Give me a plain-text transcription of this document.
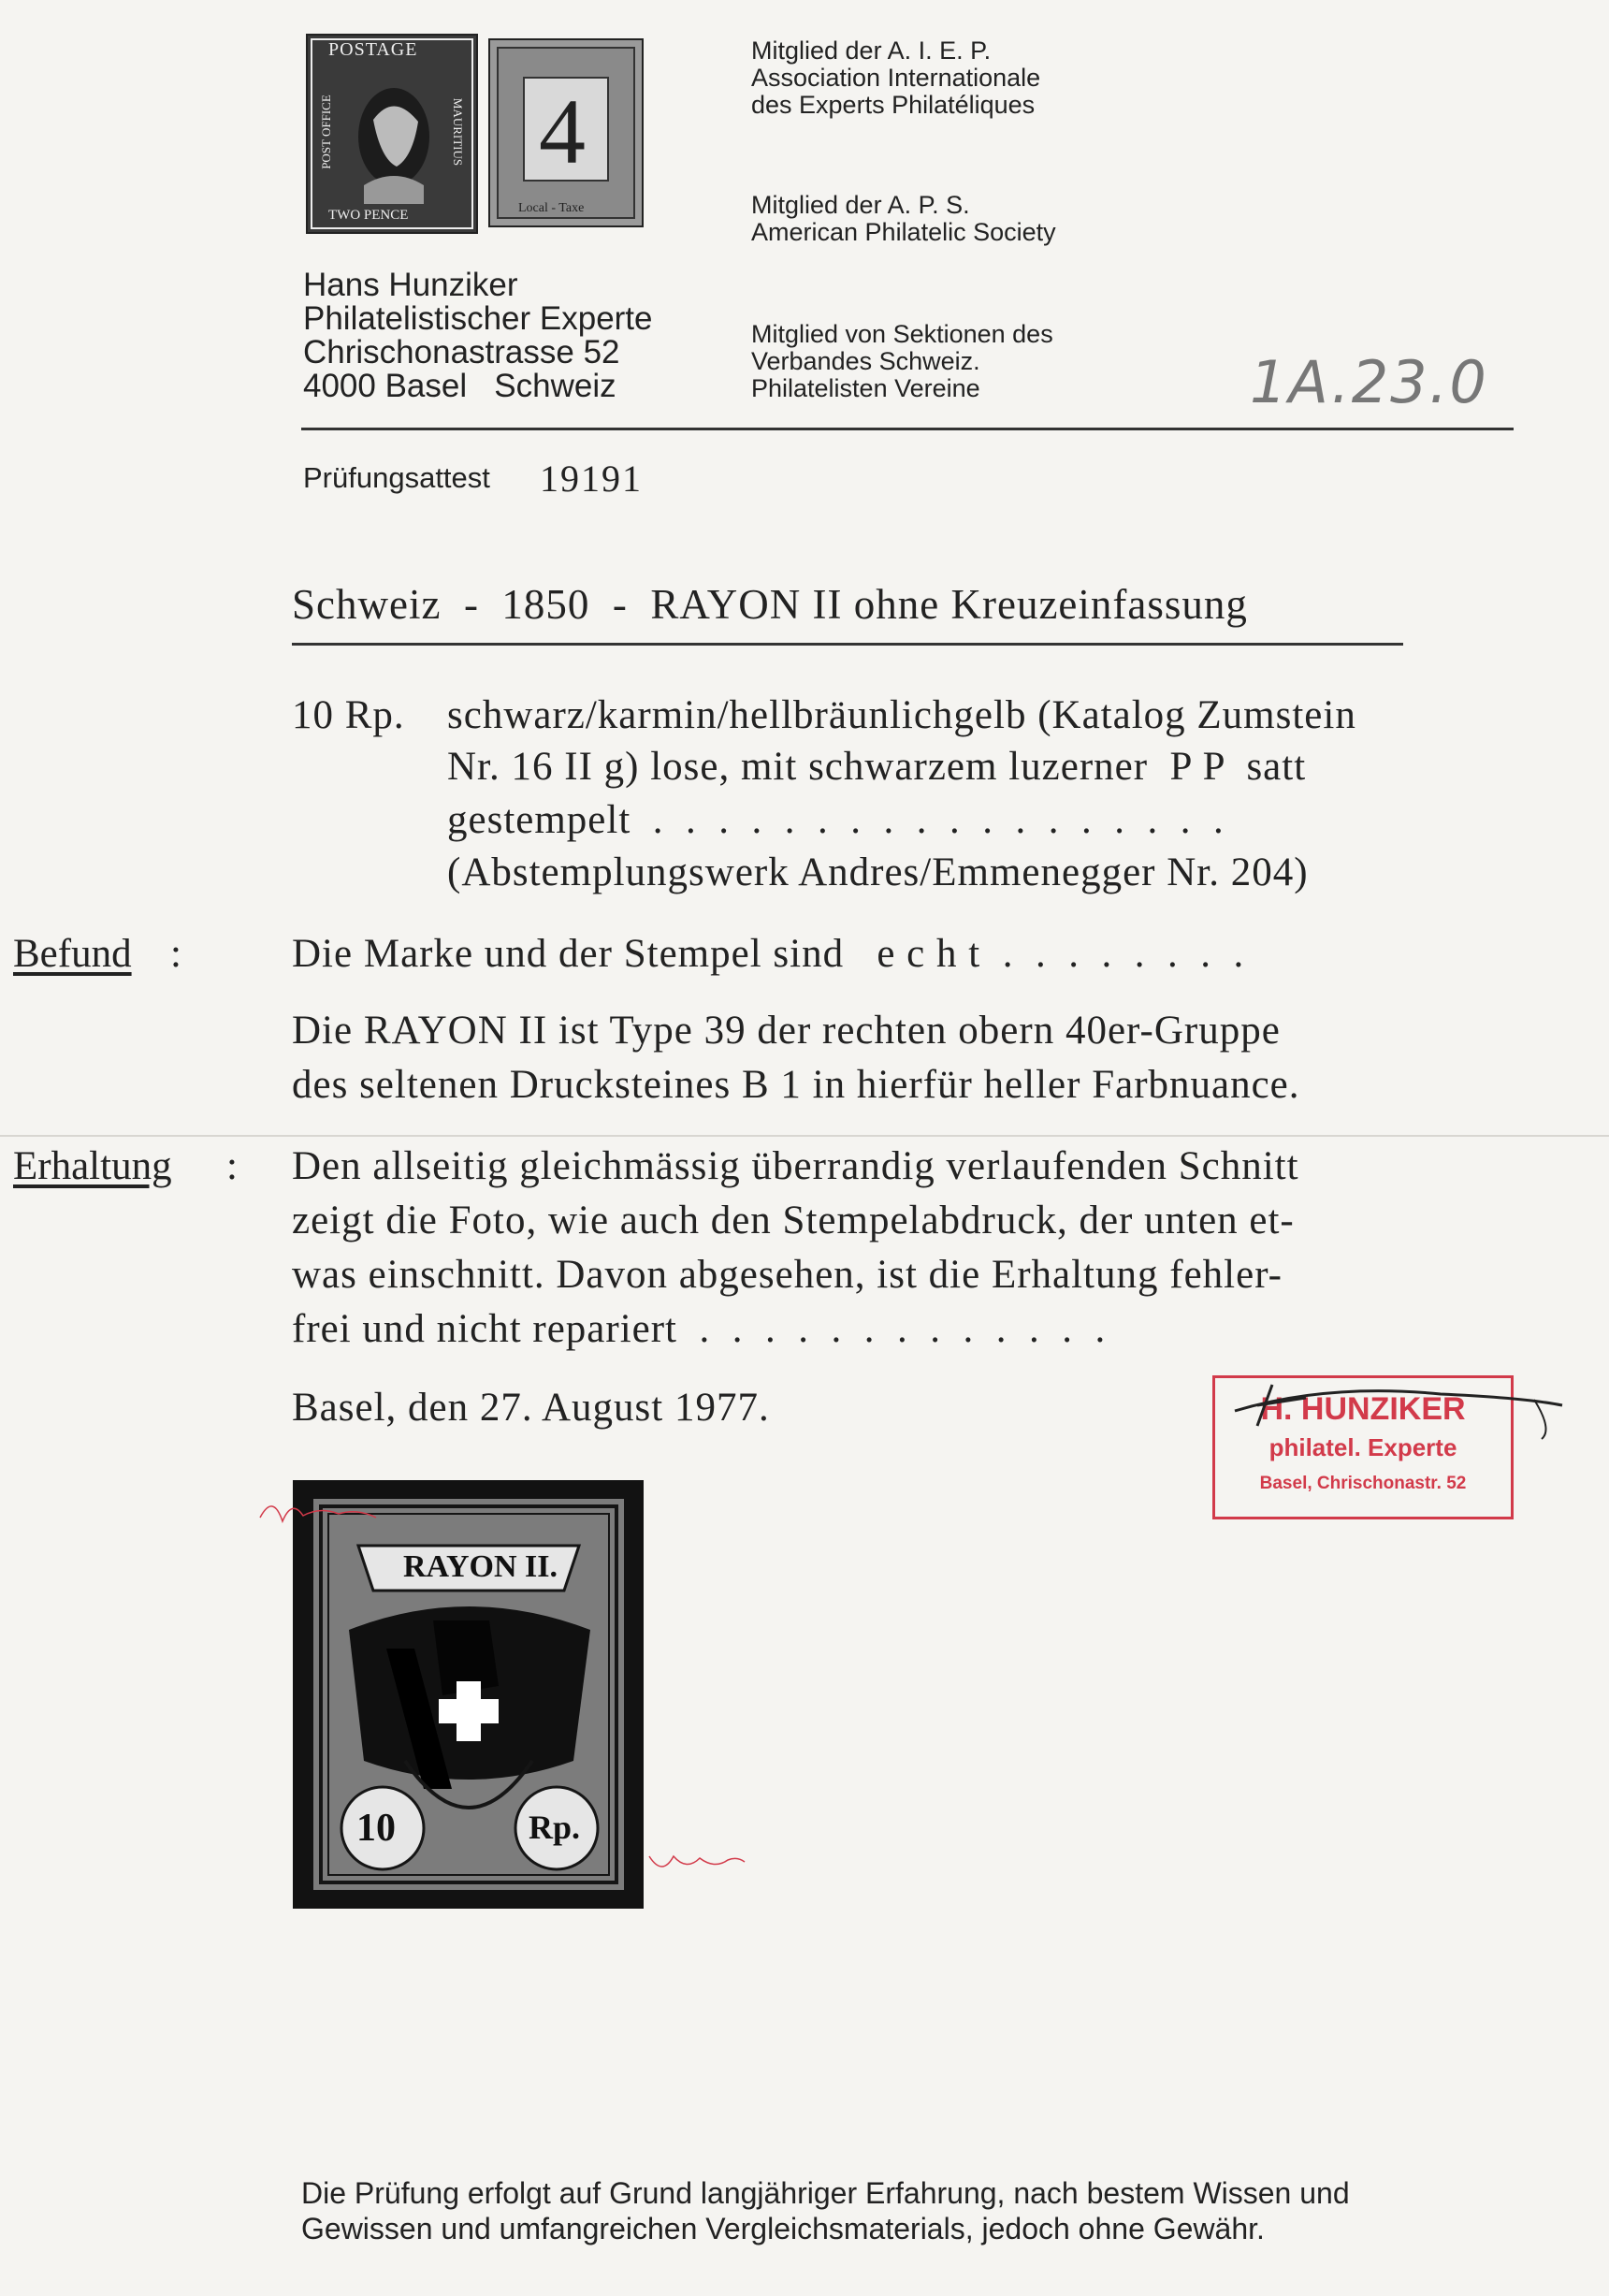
POSTAGE
TWO PENCE
POST OFFICE	MAURITIUS 4
Local - Taxe
Hans Hunziker
Philatelistischer Experte
Chrischonastrasse 52
4000 Basel   Schweiz
Mitglied der A. I. E. P.
Association Internationale
des Experts Philatéliques
Mitglied der A. P. S.
American Philatelic Society
Mitglied von Sektionen des
Verbandes Schweiz.
Philatelisten Vereine	1A.23.0
Prüfungsattest 19191
Schweiz  -  1850  -  RAYON II ohne Kreuzeinfassung
10 Rp. schwarz/karmin/hellbräunlichgelb (Katalog Zumstein
Nr. 16 II g) lose, mit schwarzem luzerner  P P  satt
gestempelt  .  .  .  .  .  .  .  .  .  .  .  .  .  .  .  .  .  .
(Abstemplungswerk Andres/Emmenegger Nr. 204)
Befund :	Die Marke und der Stempel sind   e c h t  .  .  .  .  .  .  .  .
Die RAYON II ist Type 39 der rechten obern 40er-Gruppe
des seltenen Drucksteines B 1 in hierfür heller Farbnuance.
Erhaltung : Den allseitig gleichmässig überrandig verlaufenden Schnitt
zeigt die Foto, wie auch den Stempelabdruck, der unten et-
was einschnitt. Davon abgesehen, ist die Erhaltung fehler-
frei und nicht repariert  .  .  .  .  .  .  .  .  .  .  .  .  .
Basel, den 27. August 1977.	H. HUNZIKER
philatel. Experte
Basel, Chrischonastr. 52
RAYON II.
10	Rp.
Die Prüfung erfolgt auf Grund langjähriger Erfahrung, nach bestem Wissen und
Gewissen und umfangreichen Vergleichsmaterials, jedoch ohne Gewähr.
